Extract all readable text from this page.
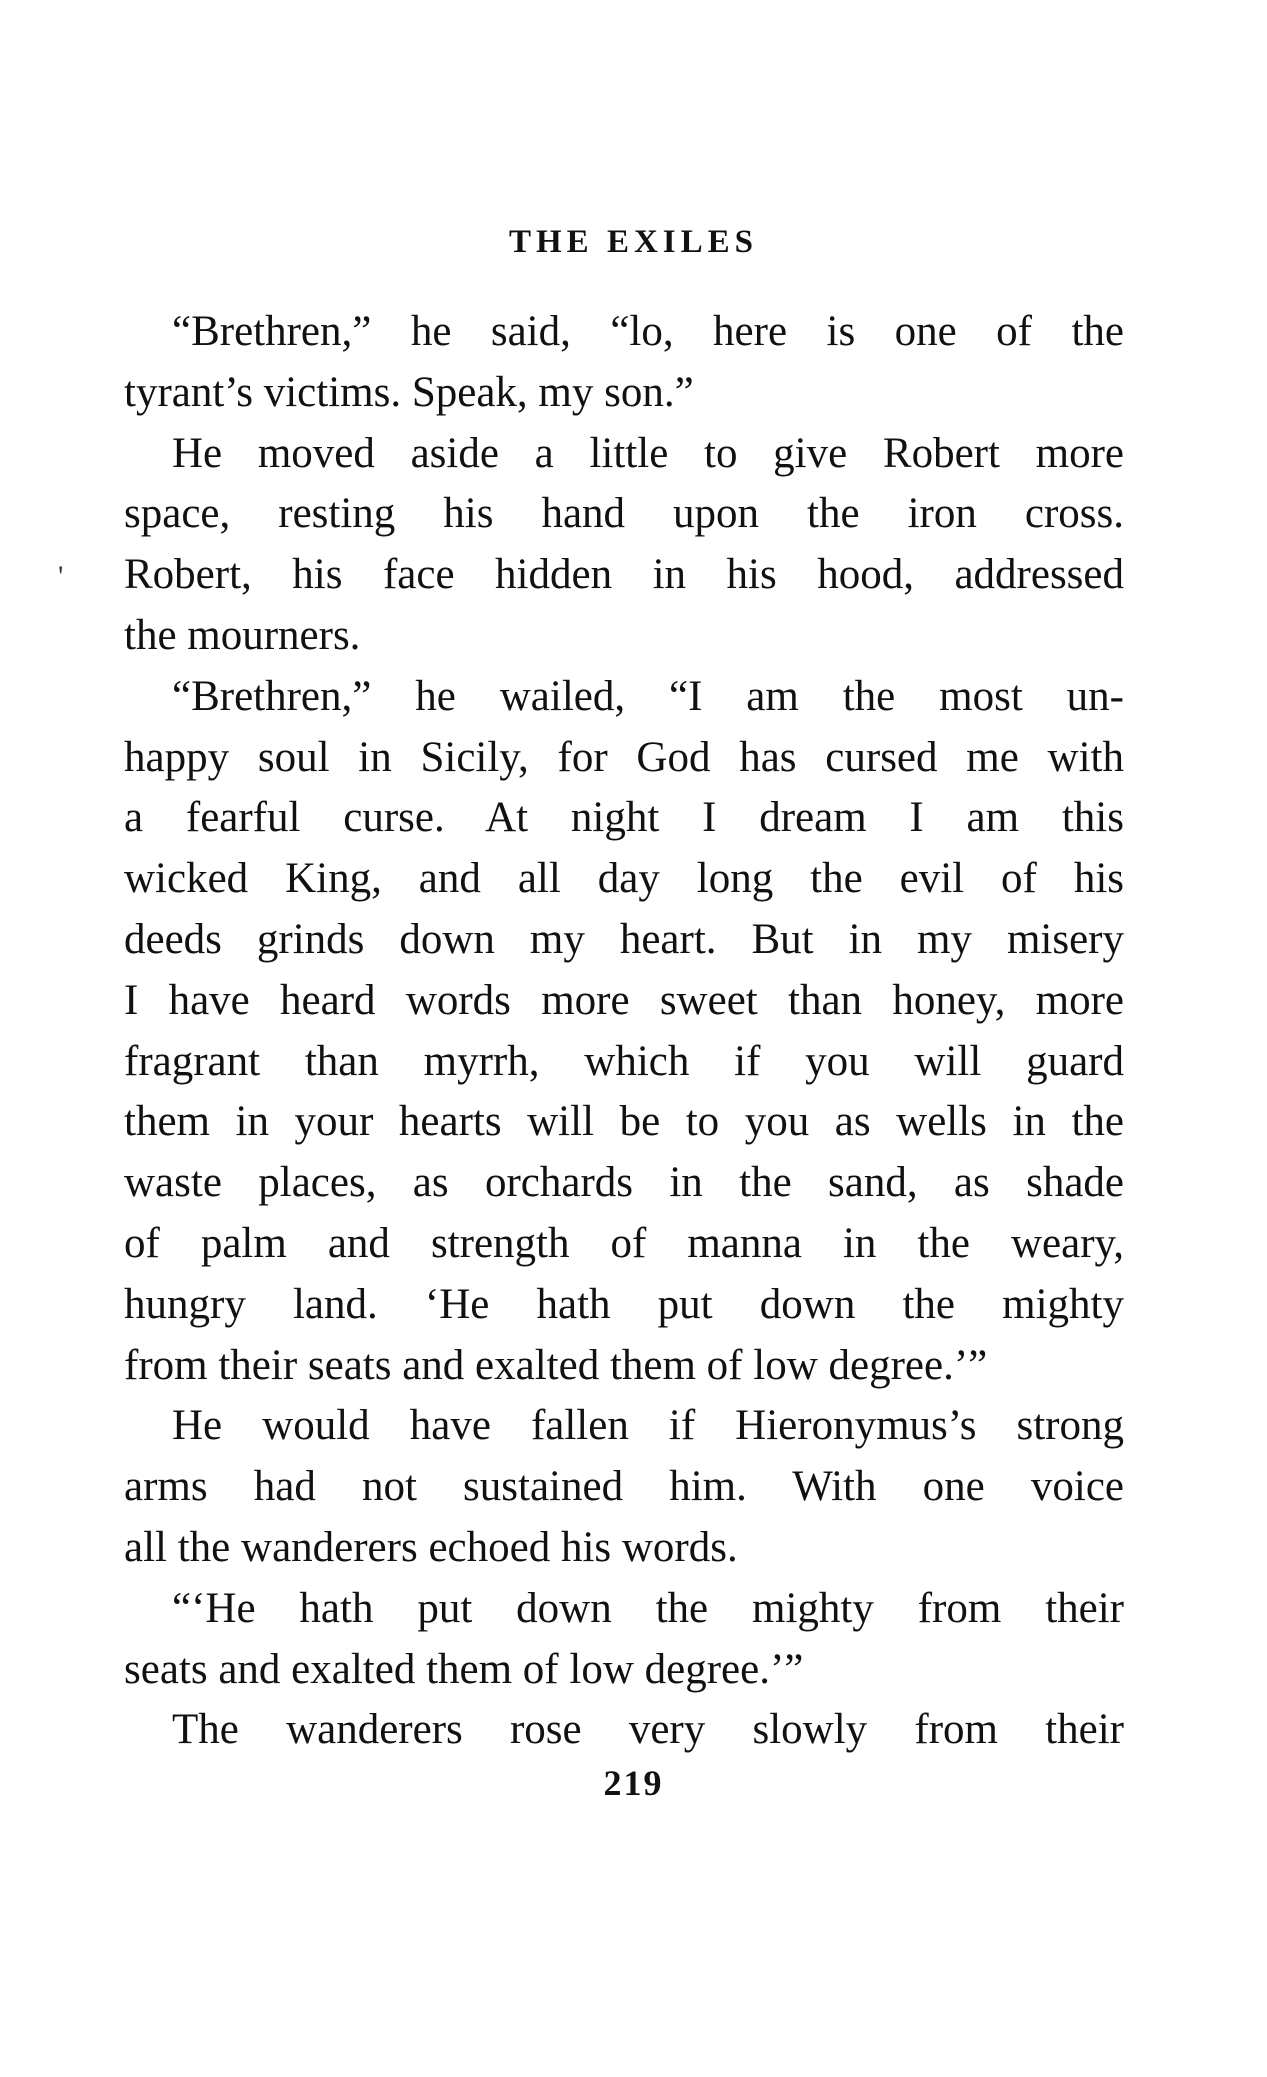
THE EXILES
'
“Brethren,” he said, “lo, here is one of the
tyrant’s victims. Speak, my son.”
He moved aside a little to give Robert more
space, resting his hand upon the iron cross.
Robert, his face hidden in his hood, addressed
the mourners.
“Brethren,” he wailed, “I am the most un-
happy soul in Sicily, for God has cursed me with
a fearful curse. At night I dream I am this
wicked King, and all day long the evil of his
deeds grinds down my heart. But in my misery
I have heard words more sweet than honey, more
fragrant than myrrh, which if you will guard
them in your hearts will be to you as wells in the
waste places, as orchards in the sand, as shade
of palm and strength of manna in the weary,
hungry land. ‘He hath put down the mighty
from their seats and exalted them of low degree.’”
He would have fallen if Hieronymus’s strong
arms had not sustained him. With one voice
all the wanderers echoed his words.
“‘He hath put down the mighty from their
seats and exalted them of low degree.’”
The wanderers rose very slowly from their
219
